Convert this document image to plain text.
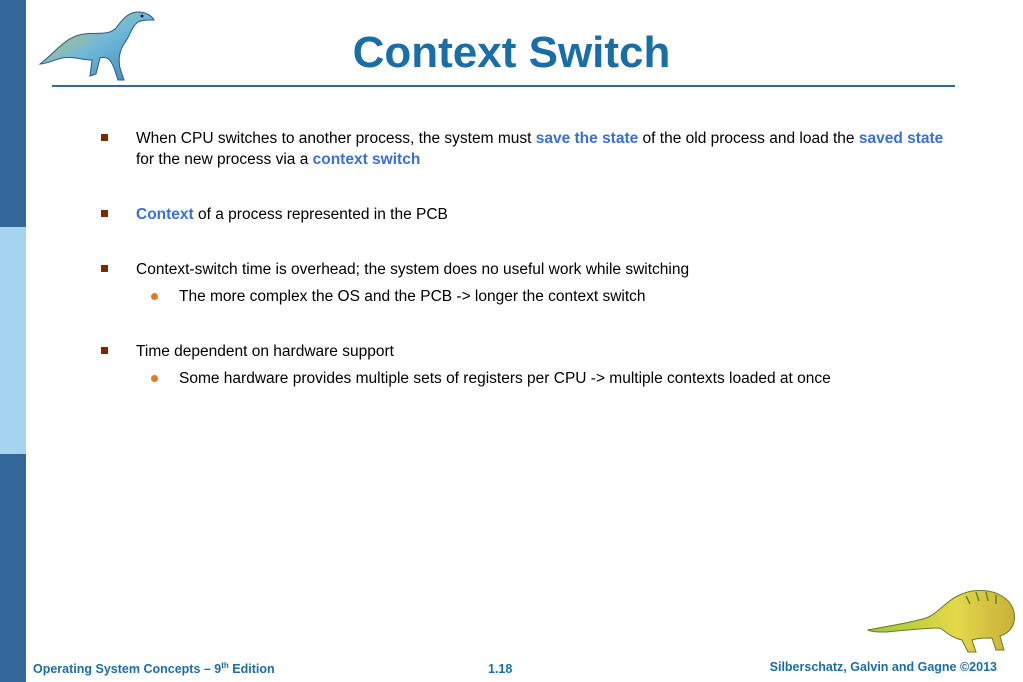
Context Switch
When CPU switches to another process, the system must save the state of the old process and load the saved state for the new process via a context switch
Context of a process represented in the PCB
Context-switch time is overhead; the system does no useful work while switching
The more complex the OS and the PCB -> longer the context switch
Time dependent on hardware support
Some hardware provides multiple sets of registers per CPU -> multiple contexts loaded at once
Operating System Concepts – 9th Edition	1.18	Silberschatz, Galvin and Gagne ©2013
